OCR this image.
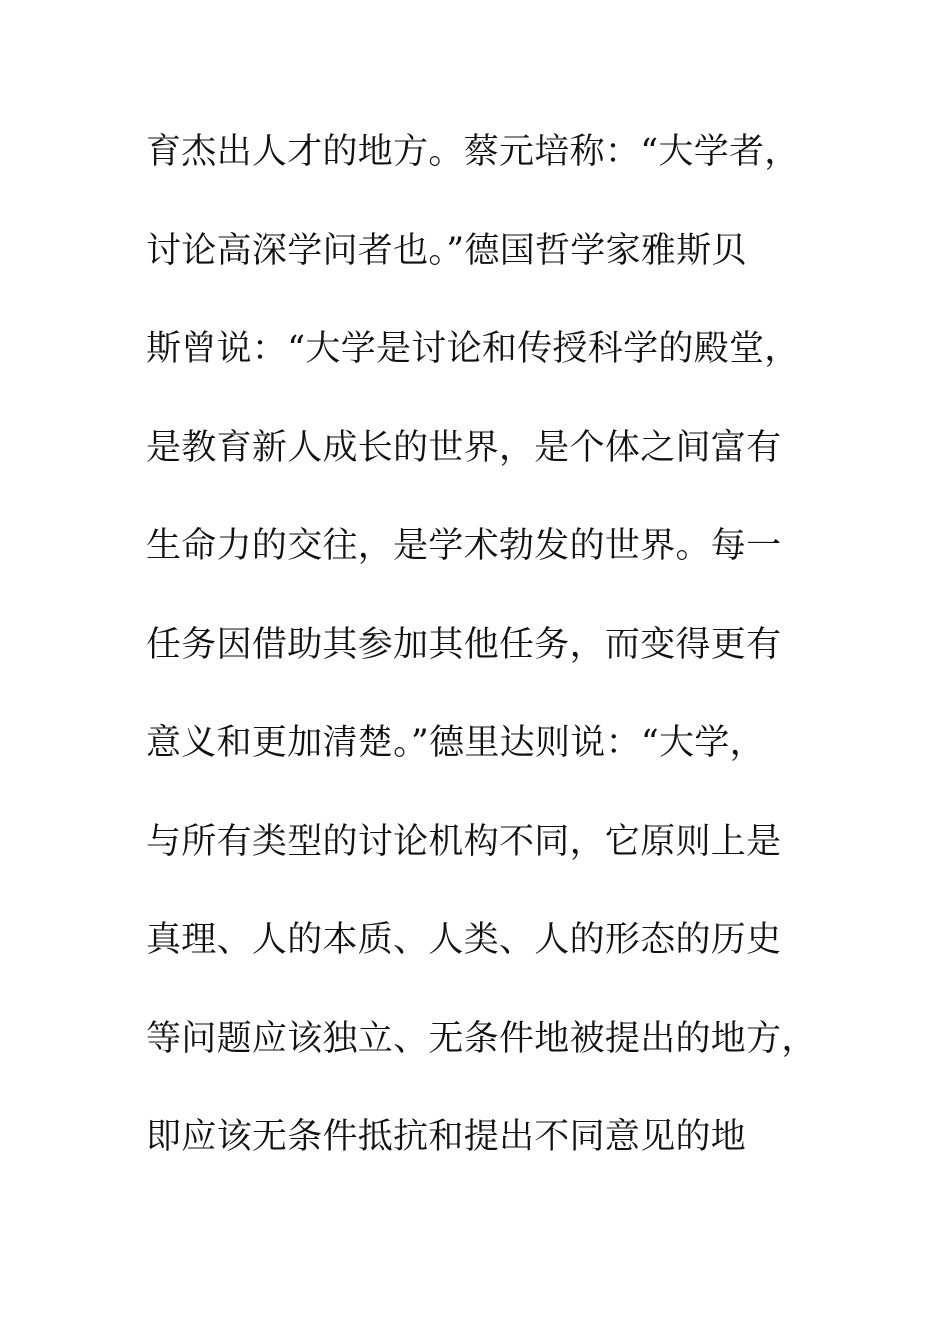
育杰出人才的地方。蔡元培称：“大学者，
讨论高深学问者也。”德国哲学家雅斯贝
斯曾说：“大学是讨论和传授科学的殿堂，
是教育新人成长的世界，是个体之间富有
生命力的交往，是学术勃发的世界。每一
任务因借助其参加其他任务，而变得更有
意义和更加清楚。”德里达则说：“大学，
与所有类型的讨论机构不同，它原则上是
真理、人的本质、人类、人的形态的历史
等问题应该独立、无条件地被提出的地方，
即应该无条件抵抗和提出不同意见的地
